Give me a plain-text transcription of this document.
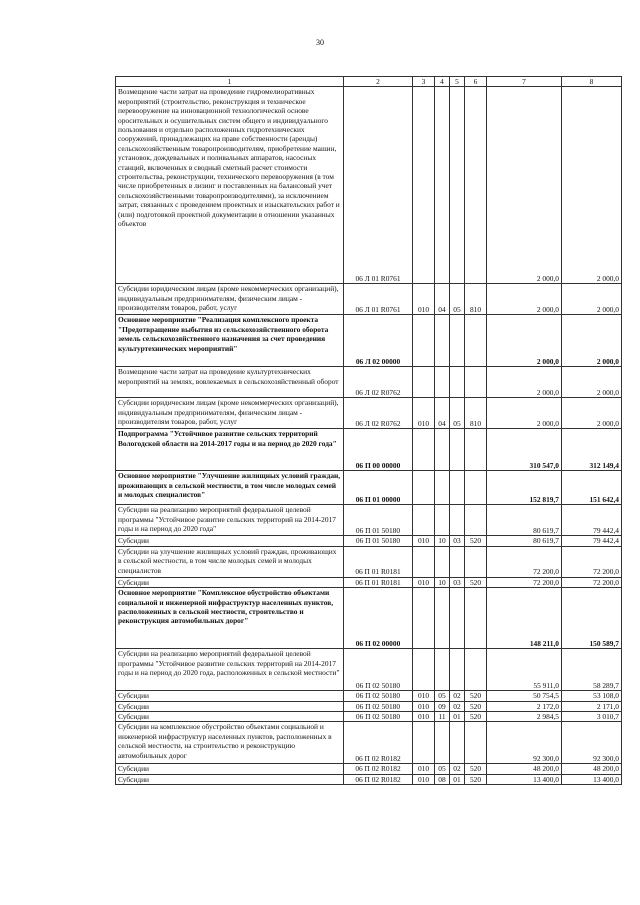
30
1	2	3	4	5	6	7	8
Возмещение части затрат на проведение гидромелиоративных мероприятий (строительство, реконструкция и техническое перевооружение на инновационной технологической основе оросительных и осушительных систем общего и индивидуального пользования и отдельно расположенных гидротехнических сооружений, принадлежащих на праве собственности (аренды) сельскохозяйственным товаропроизводителям, приобретение машин, установок, дождевальных и поливальных аппаратов, насосных станций, включенных в сводный сметный расчет стоимости строительства, реконструкции, технического перевооружения (в том числе приобретенных в лизинг и поставленных на балансовый учет сельскохозяйственными товаропроизводителями), за исключением затрат, связанных с проведением проектных и изыскательских работ и (или) подготовкой проектной документации в отношении указанных объектов	06 Л 01 R0761					2 000,0	2 000,0
Субсидии юридическим лицам (кроме некоммерческих организаций), индивидуальным предпринимателям, физическим лицам - производителям товаров, работ, услуг	06 Л 01 R0761	010	04	05	810	2 000,0	2 000,0
Основное мероприятие "Реализация комплексного проекта "Предотвращение выбытия из сельскохозяйственного оборота земель сельскохозяйственного назначения за счет проведения культуртехнических мероприятий"	06 Л 02 00000					2 000,0	2 000,0
Возмещение части затрат на проведение культуртехнических мероприятий на землях, вовлекаемых в сельскохозяйственный оборот	06 Л 02 R0762					2 000,0	2 000,0
Субсидии юридическим лицам (кроме некоммерческих организаций), индивидуальным предпринимателям, физическим лицам - производителям товаров, работ, услуг	06 Л 02 R0762	010	04	05	810	2 000,0	2 000,0
Подпрограмма "Устойчивое развитие сельских территорий Вологодской области на 2014-2017 годы и на период до 2020 года"	06 П 00 00000					310 547,0	312 149,4
Основное мероприятие "Улучшение жилищных условий граждан, проживающих в сельской местности, в том числе молодых семей и молодых специалистов"	06 П 01 00000					152 819,7	151 642,4
Субсидии на реализацию мероприятий федеральной целевой программы "Устойчивое развитие сельских территорий на 2014-2017 годы и на период до 2020 года"	06 П 01 50180					80 619,7	79 442,4
Субсидии	06 П 01 50180	010	10	03	520	80 619,7	79 442,4
Субсидии на улучшение жилищных условий граждан, проживающих в сельской местности, в том числе молодых семей и молодых специалистов	06 П 01 R0181					72 200,0	72 200,0
Субсидии	06 П 01 R0181	010	10	03	520	72 200,0	72 200,0
Основное мероприятие "Комплексное обустройство объектами социальной и инженерной инфраструктур населенных пунктов, расположенных в сельской местности, строительство и реконструкция автомобильных дорог"	06 П 02 00000					148 211,0	150 589,7
Субсидии на реализацию мероприятий федеральной целевой программы "Устойчивое развитие сельских территорий на 2014-2017 годы и на период до 2020 года, расположенных в сельской местности"	06 П 02 50180					55 911,0	58 289,7
Субсидии	06 П 02 50180	010	05	02	520	50 754,5	53 108,0
Субсидии	06 П 02 50180	010	09	02	520	2 172,0	2 171,0
Субсидии	06 П 02 50180	010	11	01	520	2 984,5	3 010,7
Субсидии на комплексное обустройство объектами социальной и инженерной инфраструктур населенных пунктов, расположенных в сельской местности, на строительство и реконструкцию автомобильных дорог	06 П 02 R0182					92 300,0	92 300,0
Субсидии	06 П 02 R0182	010	05	02	520	48 200,0	48 200,0
Субсидии	06 П 02 R0182	010	08	01	520	13 400,0	13 400,0
